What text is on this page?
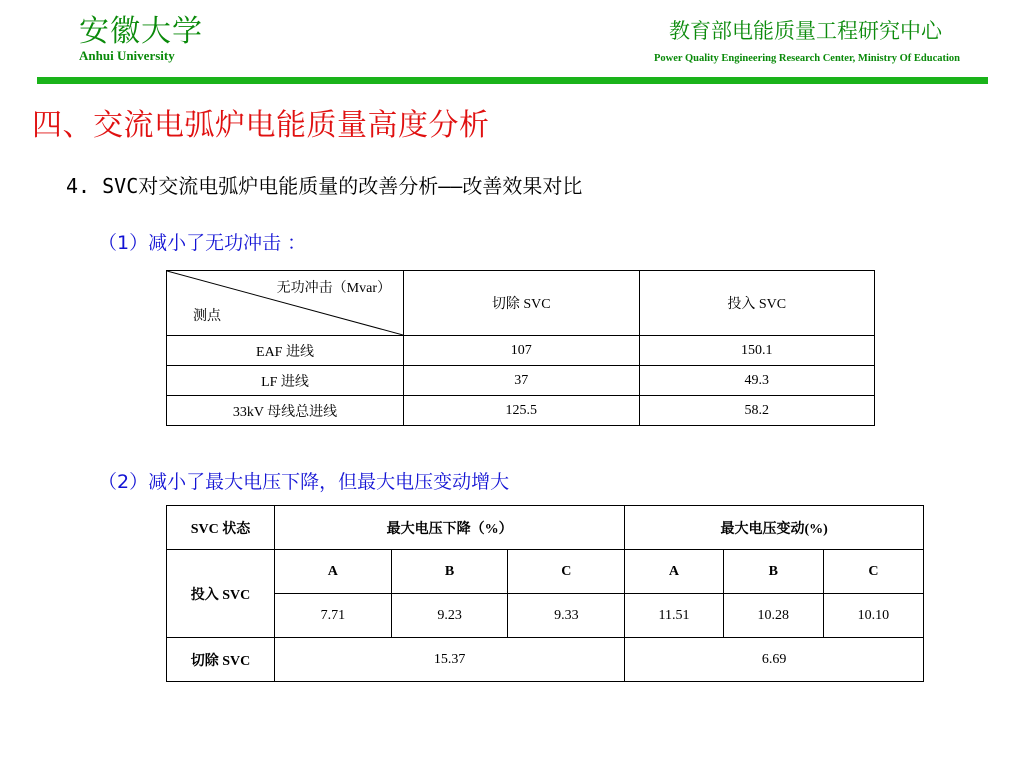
安徽大学
Anhui University
教育部电能质量工程研究中心
Power Quality Engineering Research Center, Ministry Of Education
四、交流电弧炉电能质量高度分析
4. SVC对交流电弧炉电能质量的改善分析——改善效果对比
（1）减小了无功冲击 ：
无功冲击（Mvar）
测点	切除 SVC	投入 SVC
EAF 进线	107	150.1
LF 进线	37	49.3
33kV 母线总进线	125.5	58.2
（2）减小了最大电压下降，但最大电压变动增大
SVC 状态	最大电压下降（%）			最大电压变动(%)		
投入 SVC	A	B	C	A	B	C
	7.71	9.23	9.33	11.51	10.28	10.10
切除 SVC	15.37			6.69		
